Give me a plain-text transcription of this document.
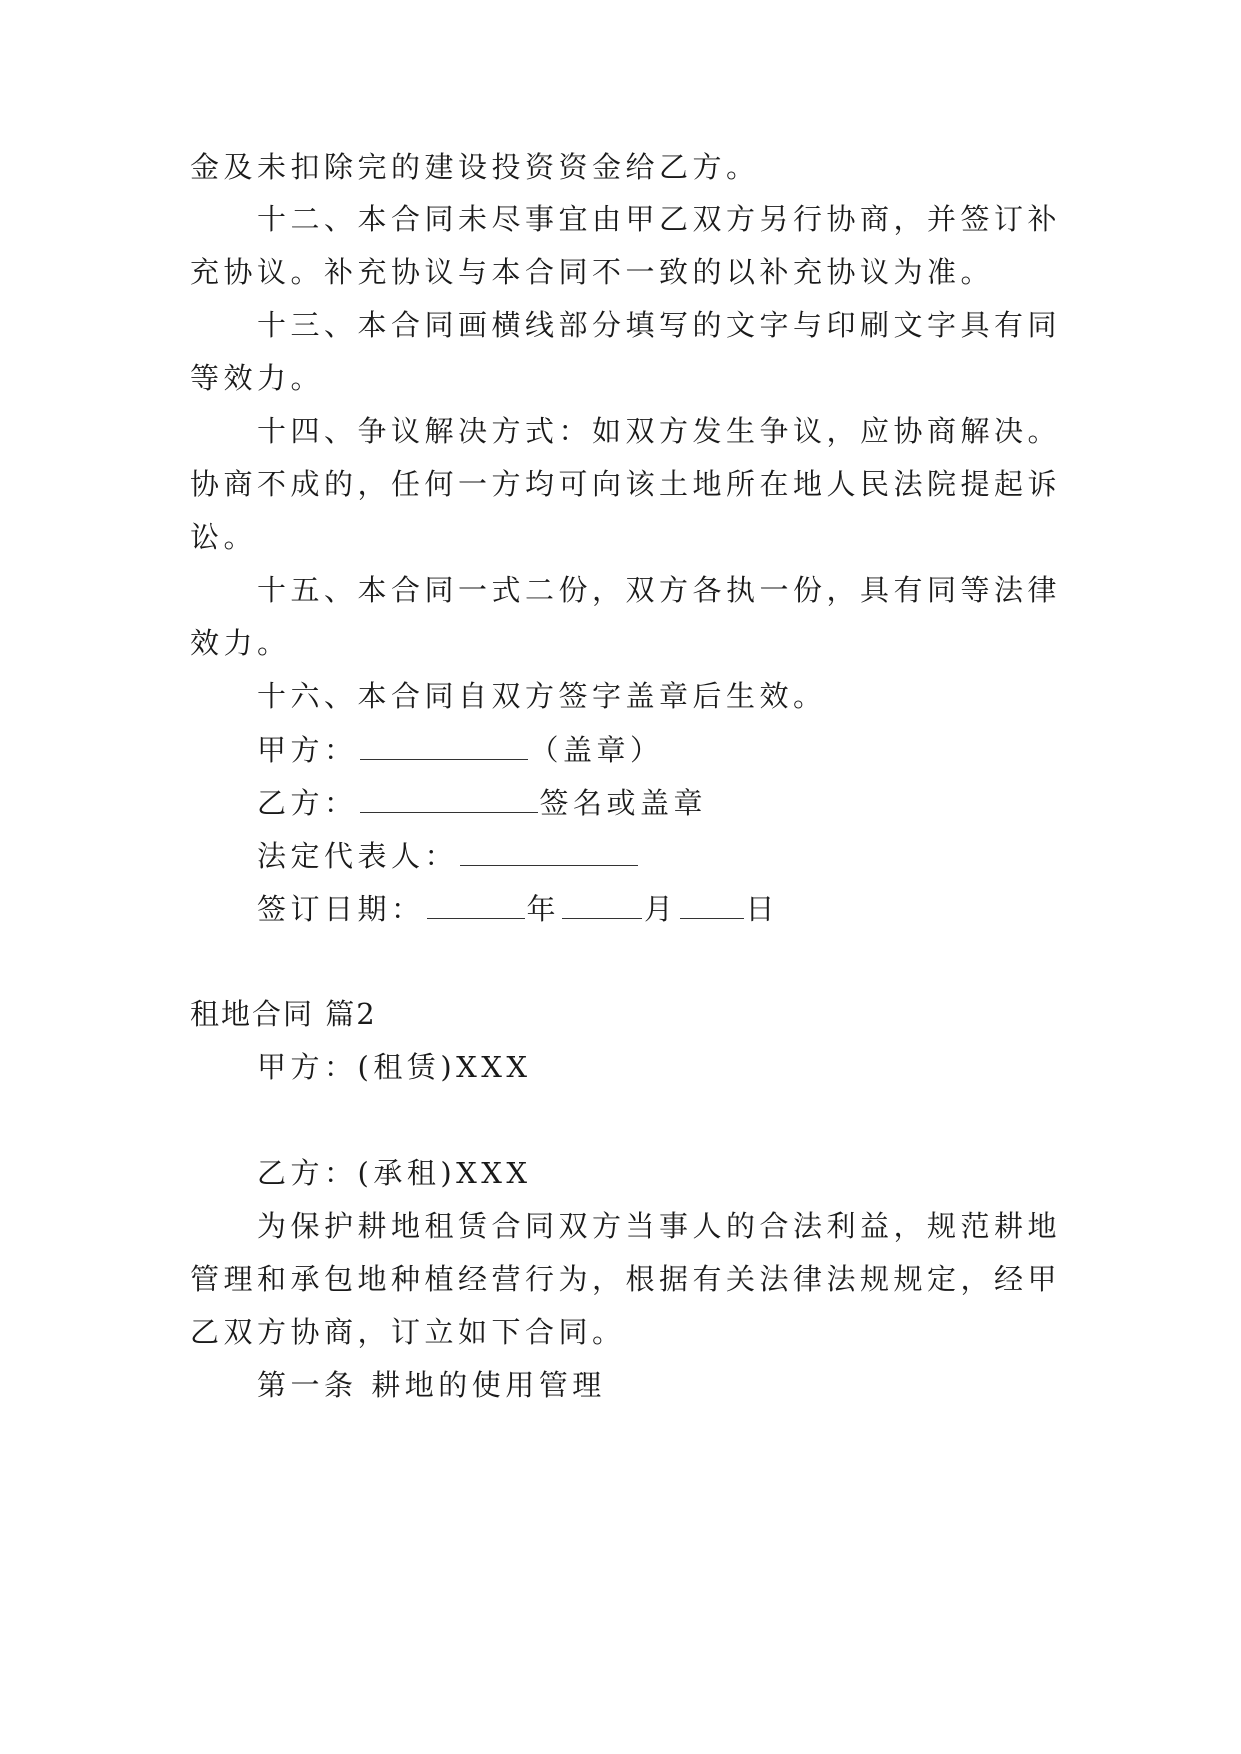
金及未扣除完的建设投资资金给乙方。
十二、本合同未尽事宜由甲乙双方另行协商，并签订补
充协议。补充协议与本合同不一致的以补充协议为准。
十三、本合同画横线部分填写的文字与印刷文字具有同
等效力。
十四、争议解决方式：如双方发生争议，应协商解决。
协商不成的，任何一方均可向该土地所在地人民法院提起诉
讼。
十五、本合同一式二份，双方各执一份，具有同等法律
效力。
十六、本合同自双方签字盖章后生效。
甲方：	（盖章）
乙方：	签名或盖章
法定代表人：
签订日期：	年	月 日
租地合同 篇2
甲方：(租赁)XXX
乙方：(承租)XXX
为保护耕地租赁合同双方当事人的合法利益，规范耕地
管理和承包地种植经营行为，根据有关法律法规规定，经甲
乙双方协商，订立如下合同。
第一条 耕地的使用管理
